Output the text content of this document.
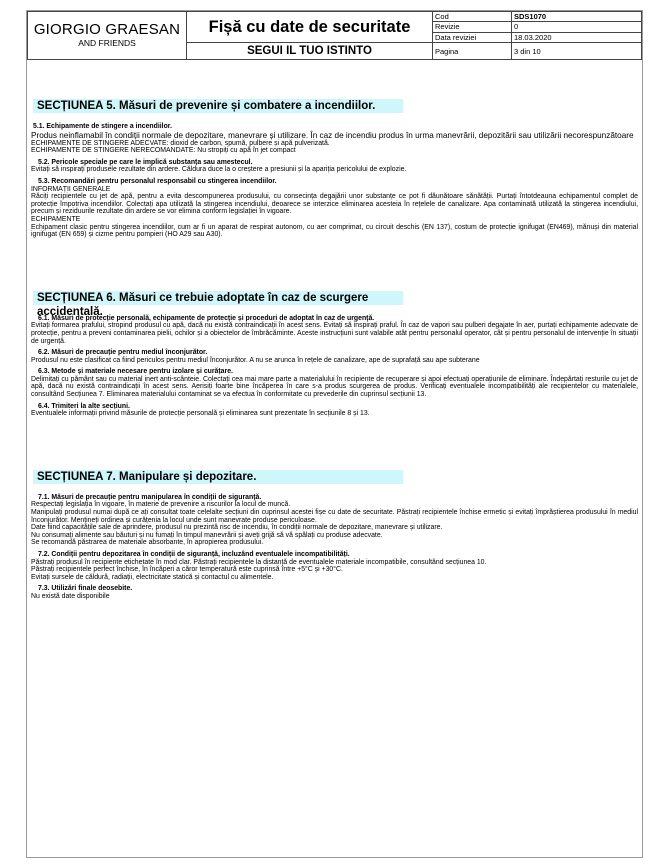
GIORGIO GRAESAN
AND FRIENDS	Fișă cu date de securitate	Cod	SDS1070
		Revizie	0
		Data reviziei	18.03.2020
	SEGUI IL TUO ISTINTO	Pagina	3 din 10
SECȚIUNEA 5. Măsuri de prevenire și combatere a incendiilor.
5.1. Echipamente de stingere a incendiilor.

Produs neinflamabil în condiții normale de depozitare, manevrare și utilizare. În caz de incendiu produs în urma manevrării, depozitării sau utilizării necorespunzătoare

ECHIPAMENTE DE STINGERE ADECVATE: dioxid de carbon, spumă, pulbere și apă pulverizată.

ECHIPAMENTE DE STINGERE NERECOMANDATE: Nu stropiți cu apă în jet compact

5.2. Pericole speciale pe care le implică substanța sau amestecul.

Evitați să inspirați produsele rezultate din ardere. Căldura duce la o creștere a presiunii și la apariția pericolului de explozie.

5.3. Recomandări pentru personalul responsabil cu stingerea incendiilor.

INFORMAȚII GENERALE

Răciți recipientele cu jet de apă, pentru a evita descompunerea produsului, cu consecința degajării unor substanțe ce pot fi dăunătoare sănătății. Purtați întotdeauna echipamentul complet de protecție împotriva incendiilor. Colectați apa utilizată la stingerea incendiului, deoarece se interzice eliminarea acesteia în rețelele de canalizare. Apa contaminată utilizată la stingerea incendiului, precum și reziduurile rezultate din ardere se vor elimina conform legislației în vigoare.

ECHIPAMENTE

Echipament clasic pentru stingerea incendiilor, cum ar fi un aparat de respirat autonom, cu aer comprimat, cu circuit deschis (EN 137), costum de protecție ignifugat (EN469), mănuși din material ignifugat (EN 659) și cizme pentru pompieri (HO A29 sau A30).

SECȚIUNEA 6. Măsuri ce trebuie adoptate în caz de scurgere accidentală.
6.1. Măsuri de protecție personală, echipamente de protecție și proceduri de adoptat în caz de urgență.

Evitați formarea prafului, stropind produsul cu apă, dacă nu există contraindicații în acest sens. Evitați să inspirați praful. În caz de vapori sau pulberi degajate în aer, purtați echipamente adecvate de protecție, pentru a preveni contaminarea pielii, ochilor și a obiectelor de îmbrăcăminte. Aceste instrucțiuni sunt valabile atât pentru personalul operator, cât și pentru personalul de intervenție în situații de urgență.

6.2. Măsuri de precauție pentru mediul înconjurător.

Produsul nu este clasificat ca fiind periculos pentru mediul înconjurător. A nu se arunca în rețele de canalizare, ape de suprafață sau ape subterane

6.3. Metode și materiale necesare pentru izolare și curățare.

Delimitați cu pământ sau cu material inert anti-scânteie. Colectați cea mai mare parte a materialului în recipiente de recuperare și apoi efectuați operațiunile de eliminare. Îndepărtați resturile cu jet de apă, dacă nu există contraindicații în acest sens. Aerisiți foarte bine încăperea în care s-a produs scurgerea de produs. Verificați eventualele incompatibilități ale recipientelor cu materialele, consultând Secțiunea 7. Eliminarea materialului contaminat se va efectua în conformitate cu prevederile din cuprinsul secțiunii 13.

6.4. Trimiteri la alte secțiuni.

Eventualele informații privind măsurile de protecție personală și eliminarea sunt prezentate în secțiunile 8 și 13.

SECȚIUNEA 7. Manipulare și depozitare.
7.1. Măsuri de precauție pentru manipularea în condiții de siguranță.

Respectați legislația în vigoare, în materie de prevenire a riscurilor la locul de muncă.

Manipulați produsul numai după ce ați consultat toate celelalte secțiuni din cuprinsul acestei fișe cu date de securitate. Păstrați recipientele închise ermetic și evitați împrăștierea produsului în mediul înconjurător. Mențineți ordinea și curățenia la locul unde sunt manevrate produse periculoase.

Date fiind capacitățile sale de aprindere, produsul nu prezintă risc de incendiu, în condiții normale de depozitare, manevrare și utilizare.

Nu consumați alimente sau băuturi și nu fumați în timpul manevrării și aveți grijă să vă spălați cu produse adecvate.

Se recomandă păstrarea de materiale absorbante, în apropierea produsului.

7.2. Condiții pentru depozitarea în condiții de siguranță, incluzând eventualele incompatibilități.

Păstrați produsul în recipiente etichetate în mod clar. Păstrați recipientele la distanță de eventualele materiale incompatibile, consultând secțiunea 10.

Păstrați recipientele perfect închise, în încăperi a căror temperatură este cuprinsă între +5°C și +30°C.

Evitați sursele de căldură, radiații, electricitate statică și contactul cu alimentele.

7.3. Utilizări finale deosebite.

Nu există date disponibile
